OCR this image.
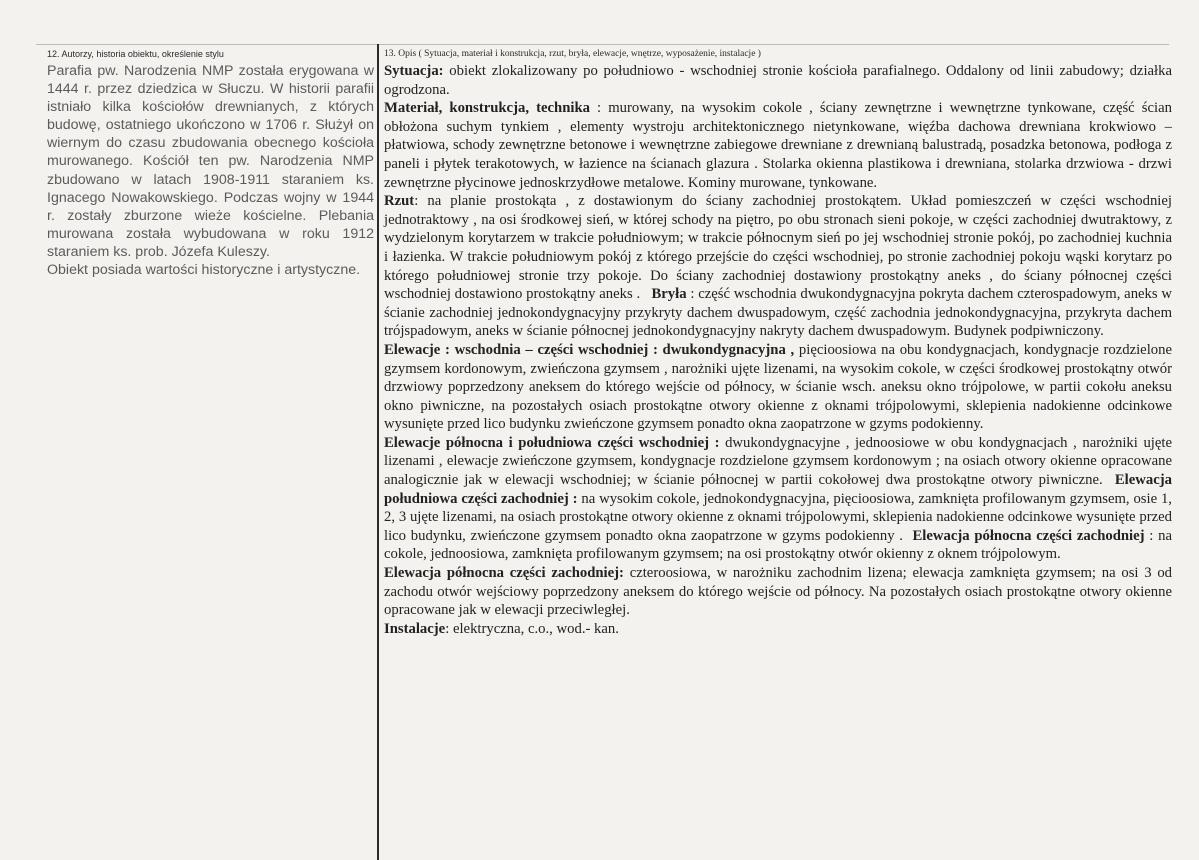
12. Autorzy, historia obiektu, określenie stylu

Parafia pw. Narodzenia NMP została erygowana w 1444 r. przez dziedzica w Słuczu. W historii parafii istniało kilka kościołów drewnianych, z których budowę, ostatniego ukończono w 1706 r. Służył on wiernym do czasu zbudowania obecnego kościoła murowanego. Kościół ten pw. Narodzenia NMP zbudowano w latach 1908-1911 staraniem ks. Ignacego Nowakowskiego. Podczas wojny w 1944 r. zostały zburzone wieże kościelne. Plebania murowana została wybudowana w roku 1912 staraniem ks. prob. Józefa Kuleszy.

Obiekt posiada wartości historyczne i artystyczne.

13. Opis ( Sytuacja, materiał i konstrukcja, rzut, bryła, elewacje, wnętrze, wyposażenie, instalacje )

Sytuacja: obiekt zlokalizowany po południowo - wschodniej stronie kościoła parafialnego. Oddalony od linii zabudowy; działka ogrodzona.

Materiał, konstrukcja, technika : murowany, na wysokim cokole , ściany zewnętrzne i wewnętrzne tynkowane, część ścian obłożona suchym tynkiem , elementy wystroju architektonicznego nietynkowane, więźba dachowa drewniana krokwiowo – płatwiowa, schody zewnętrzne betonowe i wewnętrzne zabiegowe drewniane z drewnianą balustradą, posadzka betonowa, podłoga z paneli i płytek terakotowych, w łazience na ścianach glazura . Stolarka okienna plastikowa i drewniana, stolarka drzwiowa - drzwi zewnętrzne płycinowe jednoskrzydłowe metalowe. Kominy murowane, tynkowane.

Rzut: na planie prostokąta , z dostawionym do ściany zachodniej prostokątem. Układ pomieszczeń w części wschodniej jednotraktowy , na osi środkowej sień, w której schody na piętro, po obu stronach sieni pokoje, w części zachodniej dwutraktowy, z wydzielonym korytarzem w trakcie południowym; w trakcie północnym sień po jej wschodniej stronie pokój, po zachodniej kuchnia i łazienka. W trakcie południowym pokój z którego przejście do części wschodniej, po stronie zachodniej pokoju wąski korytarz po którego południowej stronie trzy pokoje. Do ściany zachodniej dostawiony prostokątny aneks , do ściany północnej części wschodniej dostawiono prostokątny aneks . Bryła : część wschodnia dwukondygnacyjna pokryta dachem czterospadowym, aneks w ścianie zachodniej jednokondygnacyjny przykryty dachem dwuspadowym, część zachodnia jednokondygnacyjna, przykryta dachem trójspadowym, aneks w ścianie północnej jednokondygnacyjny nakryty dachem dwuspadowym. Budynek podpiwniczony.

Elewacje : wschodnia – części wschodniej : dwukondygnacyjna , pięcioosiowa na obu kondygnacjach, kondygnacje rozdzielone gzymsem kordonowym, zwieńczona gzymsem , narożniki ujęte lizenami, na wysokim cokole, w części środkowej prostokątny otwór drzwiowy poprzedzony aneksem do którego wejście od północy, w ścianie wsch. aneksu okno trójpolowe, w partii cokołu aneksu okno piwniczne, na pozostałych osiach prostokątne otwory okienne z oknami trójpolowymi, sklepienia nadokienne odcinkowe wysunięte przed lico budynku zwieńczone gzymsem ponadto okna zaopatrzone w gzyms podokienny.

Elewacje północna i południowa części wschodniej : dwukondygnacyjne , jednoosiowe w obu kondygnacjach , narożniki ujęte lizenami , elewacje zwieńczone gzymsem, kondygnacje rozdzielone gzymsem kordonowym ; na osiach otwory okienne opracowane analogicznie jak w elewacji wschodniej; w ścianie północnej w partii cokołowej dwa prostokątne otwory piwniczne. Elewacja południowa części zachodniej : na wysokim cokole, jednokondygnacyjna, pięcioosiowa, zamknięta profilowanym gzymsem, osie 1, 2, 3 ujęte lizenami, na osiach prostokątne otwory okienne z oknami trójpolowymi, sklepienia nadokienne odcinkowe wysunięte przed lico budynku, zwieńczone gzymsem ponadto okna zaopatrzone w gzyms podokienny . Elewacja północna części zachodniej : na cokole, jednoosiowa, zamknięta profilowanym gzymsem; na osi prostokątny otwór okienny z oknem trójpolowym.

Elewacja północna części zachodniej: czteroosiowa, w narożniku zachodnim lizena; elewacja zamknięta gzymsem; na osi 3 od zachodu otwór wejściowy poprzedzony aneksem do którego wejście od północy. Na pozostałych osiach prostokątne otwory okienne opracowane jak w elewacji przeciwległej.

Instalacje: elektryczna, c.o., wod.- kan.
